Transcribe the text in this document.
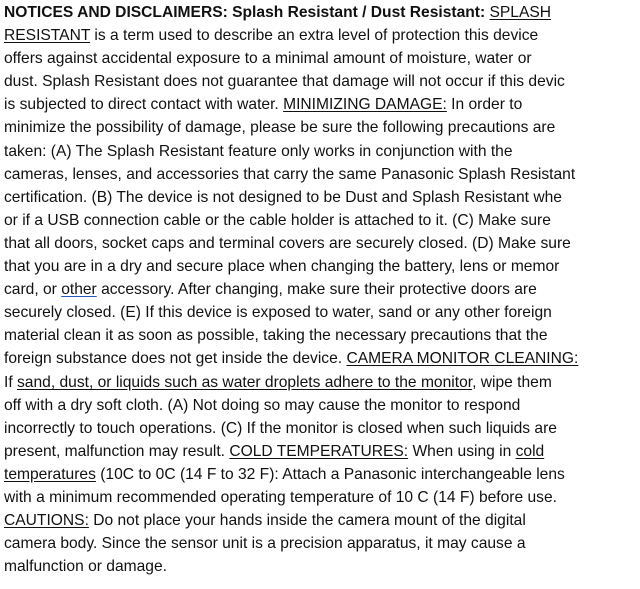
NOTICES AND DISCLAIMERS: Splash Resistant / Dust Resistant: SPLASH
RESISTANT is a term used to describe an extra level of protection this device
offers against accidental exposure to a minimal amount of moisture, water or
dust. Splash Resistant does not guarantee that damage will not occur if this devic
is subjected to direct contact with water. MINIMIZING DAMAGE: In order to
minimize the possibility of damage, please be sure the following precautions are
taken: (A) The Splash Resistant feature only works in conjunction with the
cameras, lenses, and accessories that carry the same Panasonic Splash Resistant
certification. (B) The device is not designed to be Dust and Splash Resistant whe
or if a USB connection cable or the cable holder is attached to it. (C) Make sure
that all doors, socket caps and terminal covers are securely closed. (D) Make sure
that you are in a dry and secure place when changing the battery, lens or memor
card, or other accessory. After changing, make sure their protective doors are
securely closed. (E) If this device is exposed to water, sand or any other foreign
material clean it as soon as possible, taking the necessary precautions that the
foreign substance does not get inside the device. CAMERA MONITOR CLEANING:
If sand, dust, or liquids such as water droplets adhere to the monitor, wipe them
off with a dry soft cloth. (A) Not doing so may cause the monitor to respond
incorrectly to touch operations. (C) If the monitor is closed when such liquids are
present, malfunction may result. COLD TEMPERATURES: When using in cold
temperatures (10C to 0C (14 F to 32 F): Attach a Panasonic interchangeable lens
with a minimum recommended operating temperature of 10 C (14 F) before use.
CAUTIONS: Do not place your hands inside the camera mount of the digital
camera body. Since the sensor unit is a precision apparatus, it may cause a
malfunction or damage.
